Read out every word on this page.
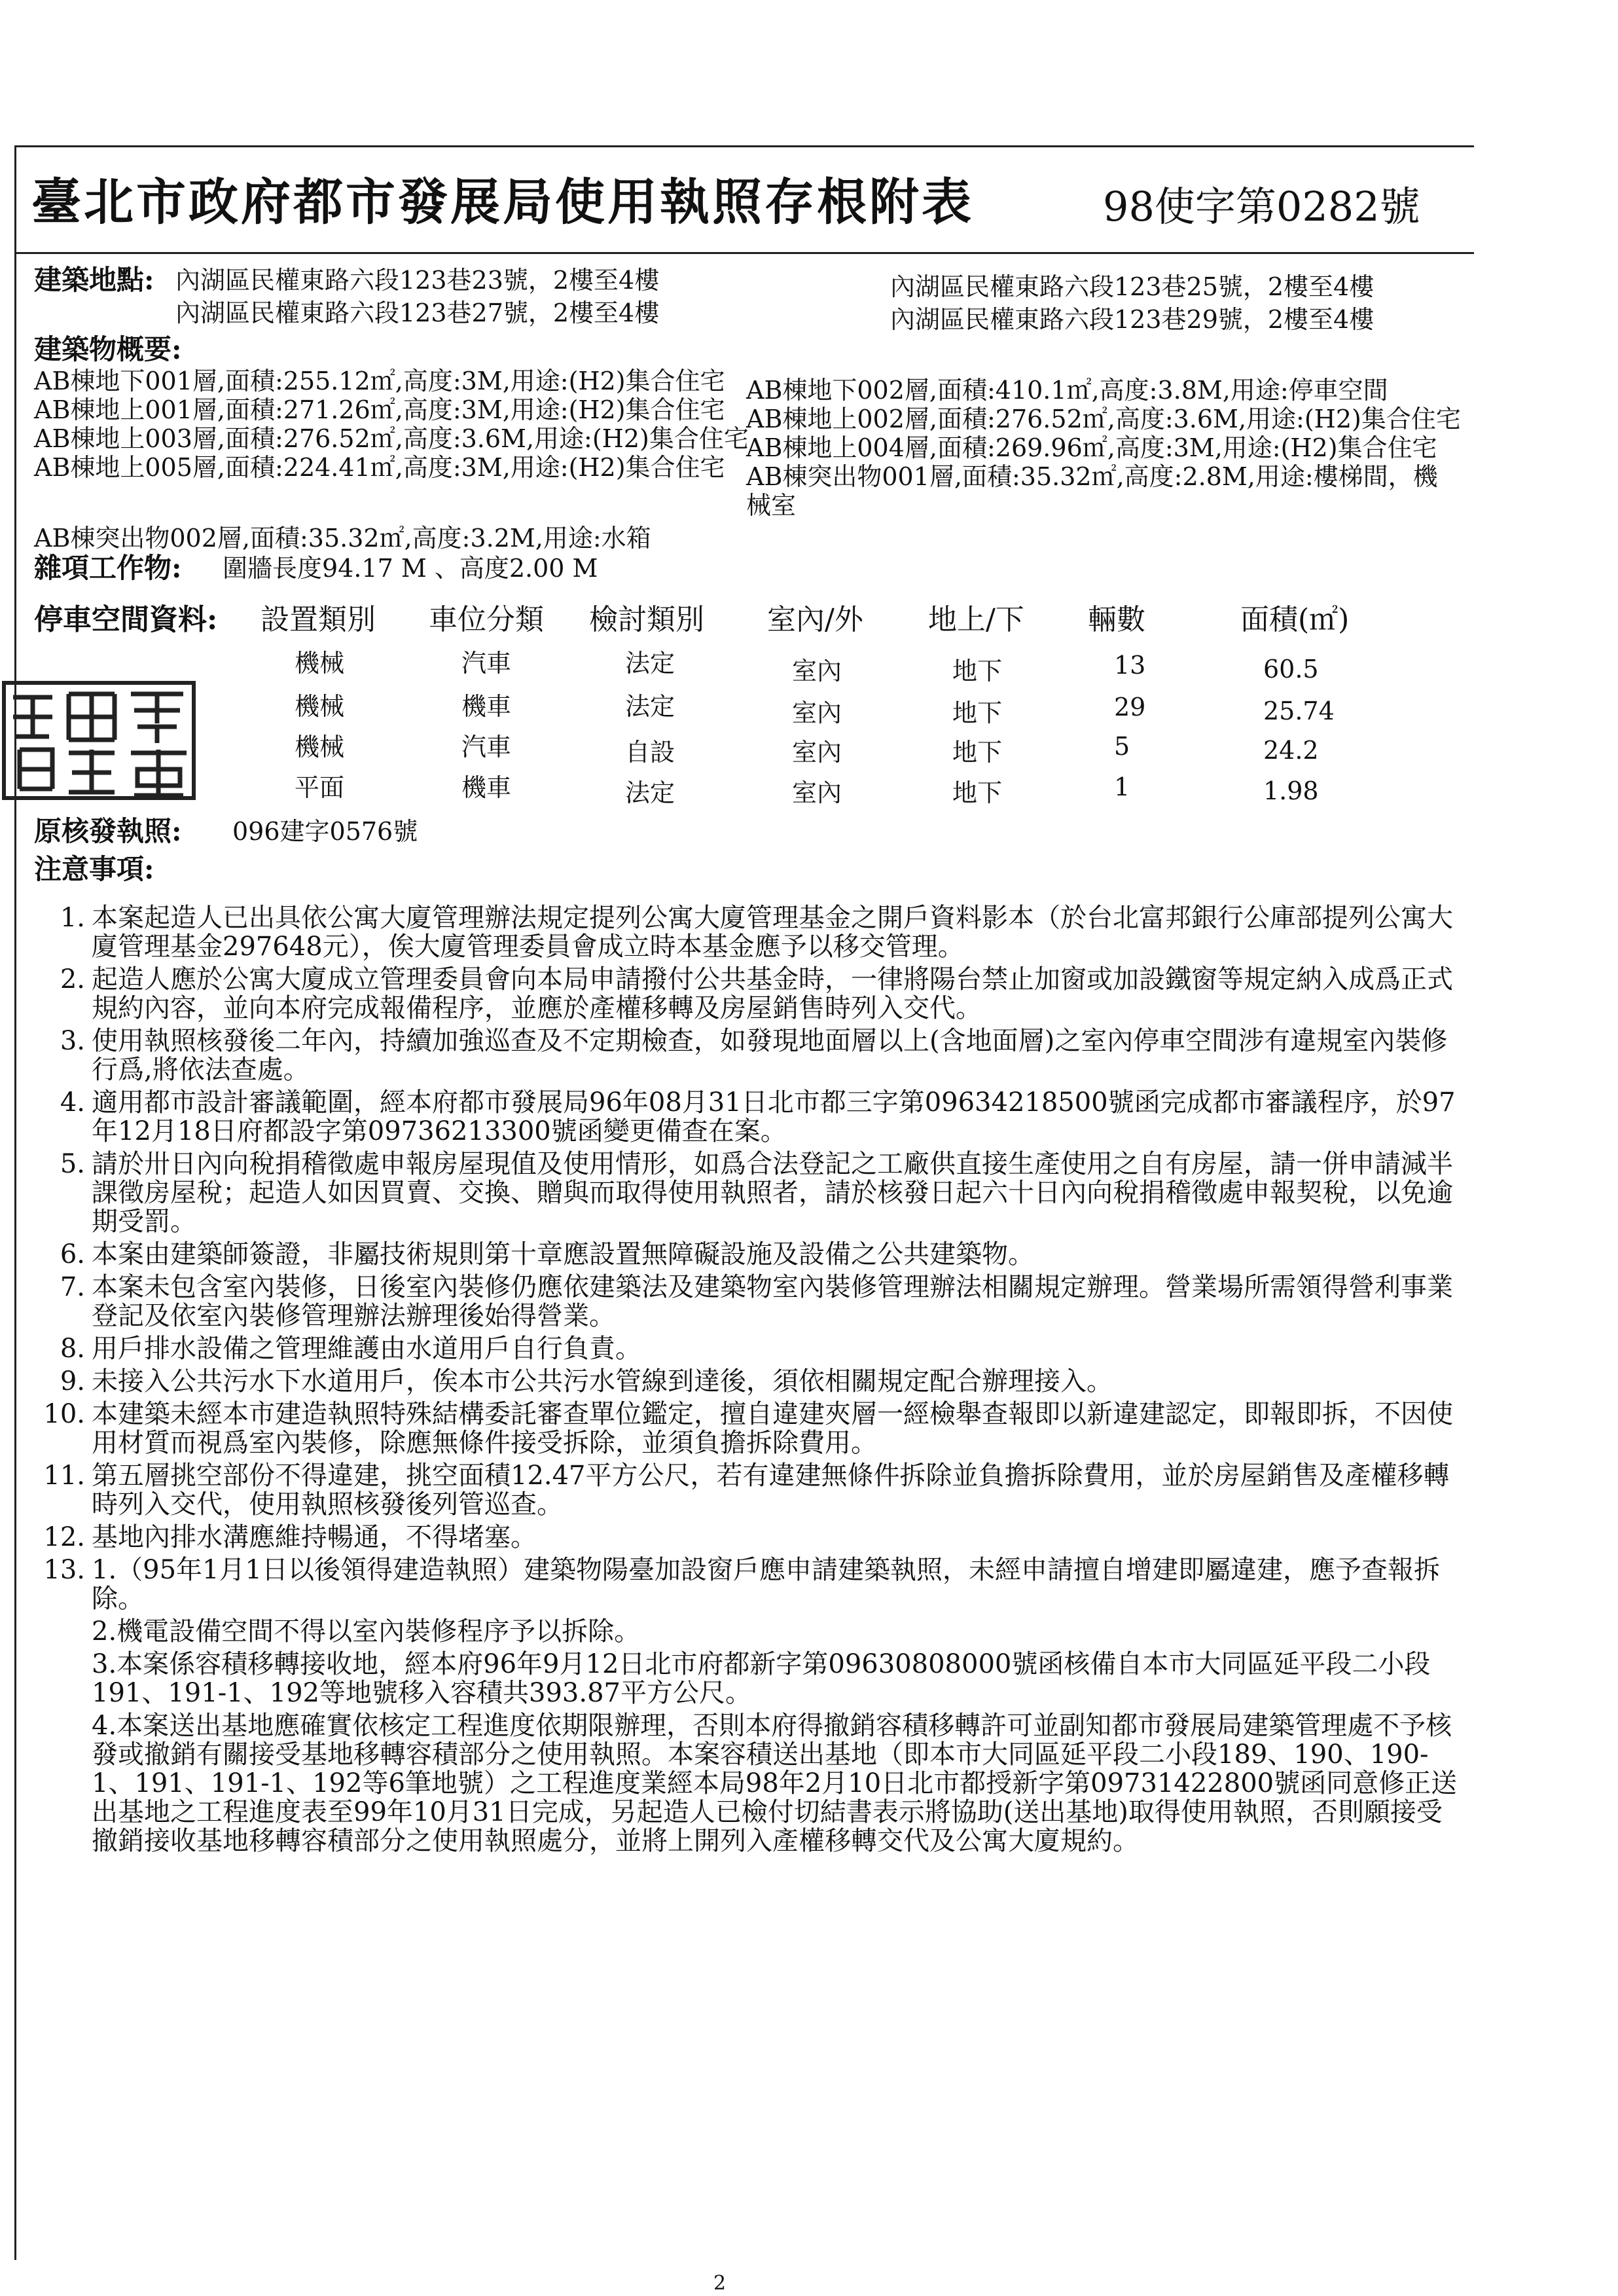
臺北市政府都市發展局使用執照存根附表	98使字第0282號
建築地點: 內湖區民權東路六段123巷23號，2樓至4樓	內湖區民權東路六段123巷25號，2樓至4樓
內湖區民權東路六段123巷27號，2樓至4樓	內湖區民權東路六段123巷29號，2樓至4樓
建築物概要:
AB棟地下001層,面積:255.12㎡,高度:3M,用途:(H2)集合住宅
AB棟地上001層,面積:271.26㎡,高度:3M,用途:(H2)集合住宅
AB棟地上003層,面積:276.52㎡,高度:3.6M,用途:(H2)集合住宅
AB棟地上005層,面積:224.41㎡,高度:3M,用途:(H2)集合住宅
AB棟地下002層,面積:410.1㎡,高度:3.8M,用途:停車空間
AB棟地上002層,面積:276.52㎡,高度:3.6M,用途:(H2)集合住宅
AB棟地上004層,面積:269.96㎡,高度:3M,用途:(H2)集合住宅
AB棟突出物001層,面積:35.32㎡,高度:2.8M,用途:樓梯間，機
械室
AB棟突出物002層,面積:35.32㎡,高度:3.2M,用途:水箱
雜項工作物: 圍牆長度94.17 M 、高度2.00 M
停車空間資料: 設置類別 車位分類 檢討類別 室內/外 地上/下 輛數	面積(㎡)
機械	汽車	法定	室內	地下	13	60.5
機械	機車	法定	室內	地下	29	25.74
機械	汽車	自設	室內	地下	5	24.2
平面	機車	法定	室內	地下	1	1.98
原核發執照: 096建字0576號
注意事項:
1. 本案起造人已出具依公寓大廈管理辦法規定提列公寓大廈管理基金之開戶資料影本（於台北富邦銀行公庫部提列公寓大廈管理基金297648元），俟大廈管理委員會成立時本基金應予以移交管理。
2. 起造人應於公寓大廈成立管理委員會向本局申請撥付公共基金時，一律將陽台禁止加窗或加設鐵窗等規定納入成爲正式規約內容，並向本府完成報備程序，並應於產權移轉及房屋銷售時列入交代。
3. 使用執照核發後二年內，持續加強巡查及不定期檢查，如發現地面層以上(含地面層)之室內停車空間涉有違規室內裝修行爲,將依法查處。
4. 適用都市設計審議範圍，經本府都市發展局96年08月31日北市都三字第09634218500號函完成都市審議程序，於97年12月18日府都設字第09736213300號函變更備查在案。
5. 請於卅日內向稅捐稽徵處申報房屋現值及使用情形，如爲合法登記之工廠供直接生產使用之自有房屋，請一併申請減半課徵房屋稅；起造人如因買賣、交換、贈與而取得使用執照者，請於核發日起六十日內向稅捐稽徵處申報契稅，以免逾期受罰。
6. 本案由建築師簽證，非屬技術規則第十章應設置無障礙設施及設備之公共建築物。
7. 本案未包含室內裝修，日後室內裝修仍應依建築法及建築物室內裝修管理辦法相關規定辦理。營業場所需領得營利事業登記及依室內裝修管理辦法辦理後始得營業。
8. 用戶排水設備之管理維護由水道用戶自行負責。
9. 未接入公共污水下水道用戶，俟本市公共污水管線到達後，須依相關規定配合辦理接入。
10. 本建築未經本市建造執照特殊結構委託審查單位鑑定，擅自違建夾層一經檢舉查報即以新違建認定，即報即拆，不因使用材質而視爲室內裝修，除應無條件接受拆除，並須負擔拆除費用。
11. 第五層挑空部份不得違建，挑空面積12.47平方公尺，若有違建無條件拆除並負擔拆除費用，並於房屋銷售及產權移轉時列入交代，使用執照核發後列管巡查。
12. 基地內排水溝應維持暢通，不得堵塞。
13. 1.（95年1月1日以後領得建造執照）建築物陽臺加設窗戶應申請建築執照，未經申請擅自增建即屬違建，應予查報拆除。
2.機電設備空間不得以室內裝修程序予以拆除。
3.本案係容積移轉接收地，經本府96年9月12日北市府都新字第09630808000號函核備自本市大同區延平段二小段191、191-1、192等地號移入容積共393.87平方公尺。
4.本案送出基地應確實依核定工程進度依期限辦理，否則本府得撤銷容積移轉許可並副知都市發展局建築管理處不予核發或撤銷有關接受基地移轉容積部分之使用執照。本案容積送出基地（即本市大同區延平段二小段189、190、190-1、191、191-1、192等6筆地號）之工程進度業經本局98年2月10日北市都授新字第09731422800號函同意修正送出基地之工程進度表至99年10月31日完成，另起造人已檢付切結書表示將協助(送出基地)取得使用執照，否則願接受撤銷接收基地移轉容積部分之使用執照處分，並將上開列入產權移轉交代及公寓大廈規約。
2
